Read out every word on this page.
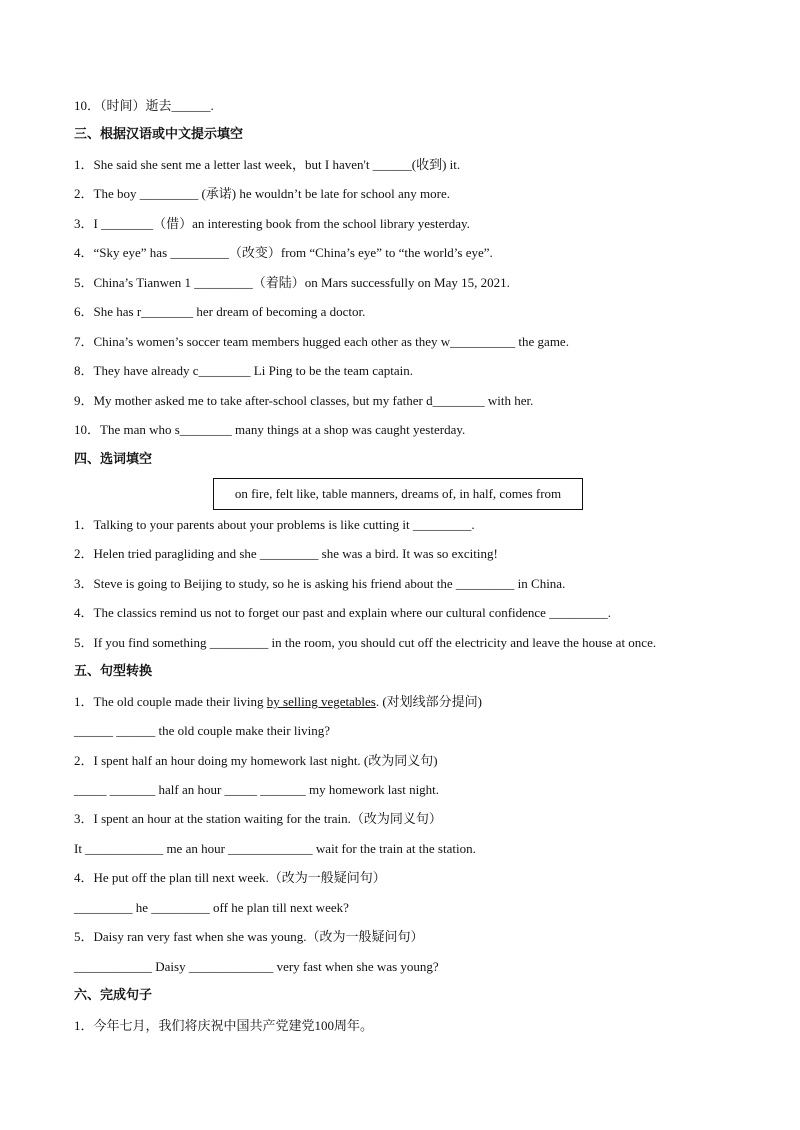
10．（时间）逝去______.
三、根据汉语或中文提示填空
1．She said she sent me a letter last week，but I haven't ______(收到) it.
2．The boy _________ (承诺) he wouldn’t be late for school any more.
3．I ________（借）an interesting book from the school library yesterday.
4．“Sky eye” has _________（改变）from “China’s eye” to “the world’s eye”.
5．China’s Tianwen 1 _________（着陆）on Mars successfully on May 15, 2021.
6．She has r________ her dream of becoming a doctor.
7．China’s women’s soccer team members hugged each other as they w__________ the game.
8．They have already c________ Li Ping to be the team captain.
9．My mother asked me to take after-school classes, but my father d________ with her.
10．The man who s________ many things at a shop was caught yesterday.
四、选词填空
on fire, felt like, table manners, dreams of, in half, comes from
1．Talking to your parents about your problems is like cutting it _________.
2．Helen tried paragliding and she _________ she was a bird. It was so exciting!
3．Steve is going to Beijing to study, so he is asking his friend about the _________ in China.
4．The classics remind us not to forget our past and explain where our cultural confidence _________.
5．If you find something _________ in the room, you should cut off the electricity and leave the house at once.
五、句型转换
1．The old couple made their living by selling vegetables. (对划线部分提问)
______ ______ the old couple make their living?
2．I spent half an hour doing my homework last night. (改为同义句)
_____ _______ half an hour _____ _______ my homework last night.
3．I spent an hour at the station waiting for the train.（改为同义句）
It ____________ me an hour _____________ wait for the train at the station.
4．He put off the plan till next week.（改为一般疑问句）
_________ he _________ off he plan till next week?
5．Daisy ran very fast when she was young.（改为一般疑问句）
____________ Daisy _____________ very fast when she was young?
六、完成句子
1．今年七月，我们将庆祝中国共产党建党100周年。
